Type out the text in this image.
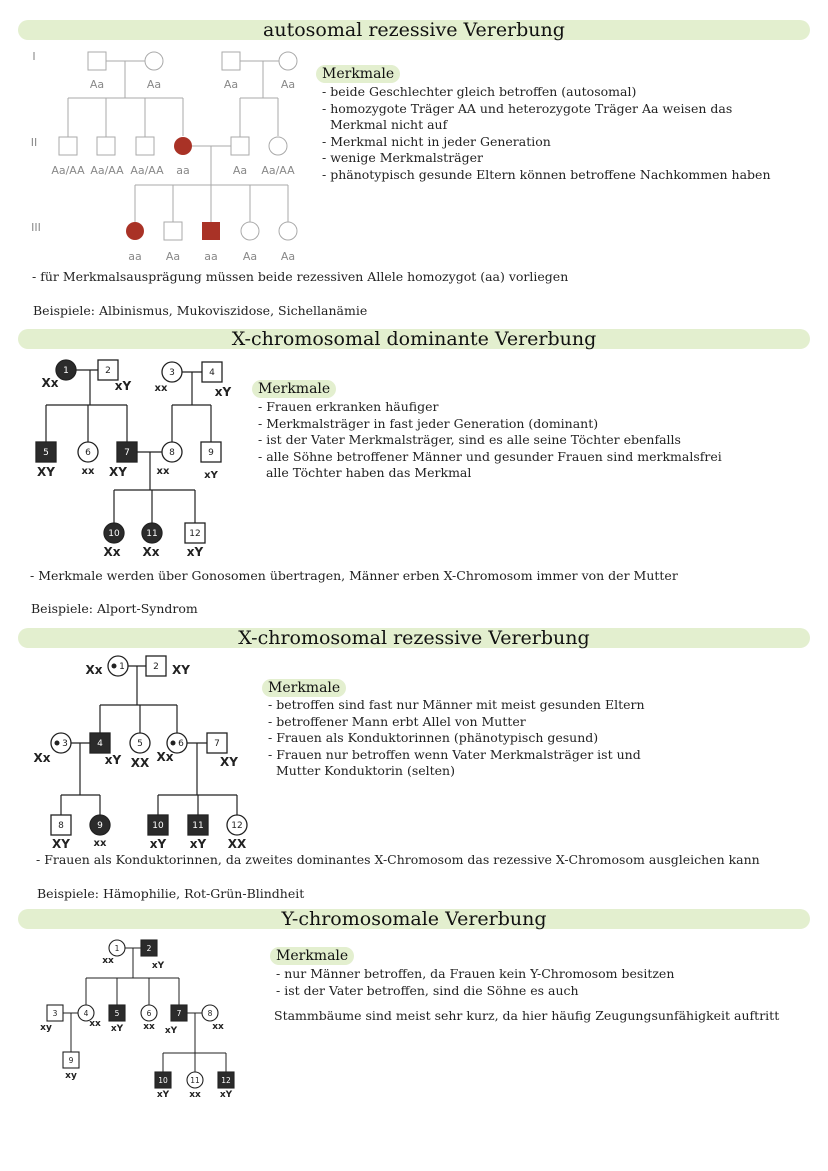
autosomal rezessive Vererbung
I
II
III
Aa	Aa	Aa	Aa
Aa/AA Aa/AA Aa/AA aa	Aa Aa/AA
aa Aa aa Aa Aa
Merkmale
- beide Geschlechter gleich betroffen (autosomal)
- homozygote Träger AA und heterozygote Träger Aa weisen das
Merkmal nicht auf
- Merkmal nicht in jeder Generation
- wenige Merkmalsträger
- phänotypisch gesunde Eltern können betroffene Nachkommen haben
- für Merkmalsausprägung müssen beide rezessiven Allele homozygot (aa) vorliegen
Beispiele: Albinismus, Mukoviszidose, Sichellanämie
X-chromosomal dominante Vererbung
1	2	3	4
5	6	7	8	9
10	11	12
Xx	xY xx	xY
XY	xx XY	xx	xY
Xx Xx xY
Merkmale
- Frauen erkranken häufiger
- Merkmalsträger in fast jeder Generation (dominant)
- ist der Vater Merkmalsträger, sind es alle seine Töchter ebenfalls
- alle Söhne betroffener Männer und gesunder Frauen sind merkmalsfrei
alle Töchter haben das Merkmal
- Merkmale werden über Gonosomen übertragen, Männer erben X-Chromosom immer von der Mutter
Beispiele: Alport-Syndrom
X-chromosomal rezessive Vererbung
1	2
3	4	5	6	7
8	9	10	11	12
Xx	XY
Xx	xY XX Xx	XY
XY xx	xY xY XX
Merkmale
- betroffen sind fast nur Männer mit meist gesunden Eltern
- betroffener Mann erbt Allel von Mutter
- Frauen als Konduktorinnen (phänotypisch gesund)
- Frauen nur betroffen wenn Vater Merkmalsträger ist und
Mutter Konduktorin (selten)
- Frauen als Konduktorinnen, da zweites dominantes X-Chromosom das rezessive X-Chromosom ausgleichen kann
Beispiele: Hämophilie, Rot-Grün-Blindheit
Y-chromosomale Vererbung
1	2
3	4	5	6	7	8
9
10	11	12
xx	xY
xy	xx xY xx xY	xx
xy
xY xx xY
Merkmale
- nur Männer betroffen, da Frauen kein Y-Chromosom besitzen
- ist der Vater betroffen, sind die Söhne es auch
Stammbäume sind meist sehr kurz, da hier häufig Zeugungsunfähigkeit auftritt
